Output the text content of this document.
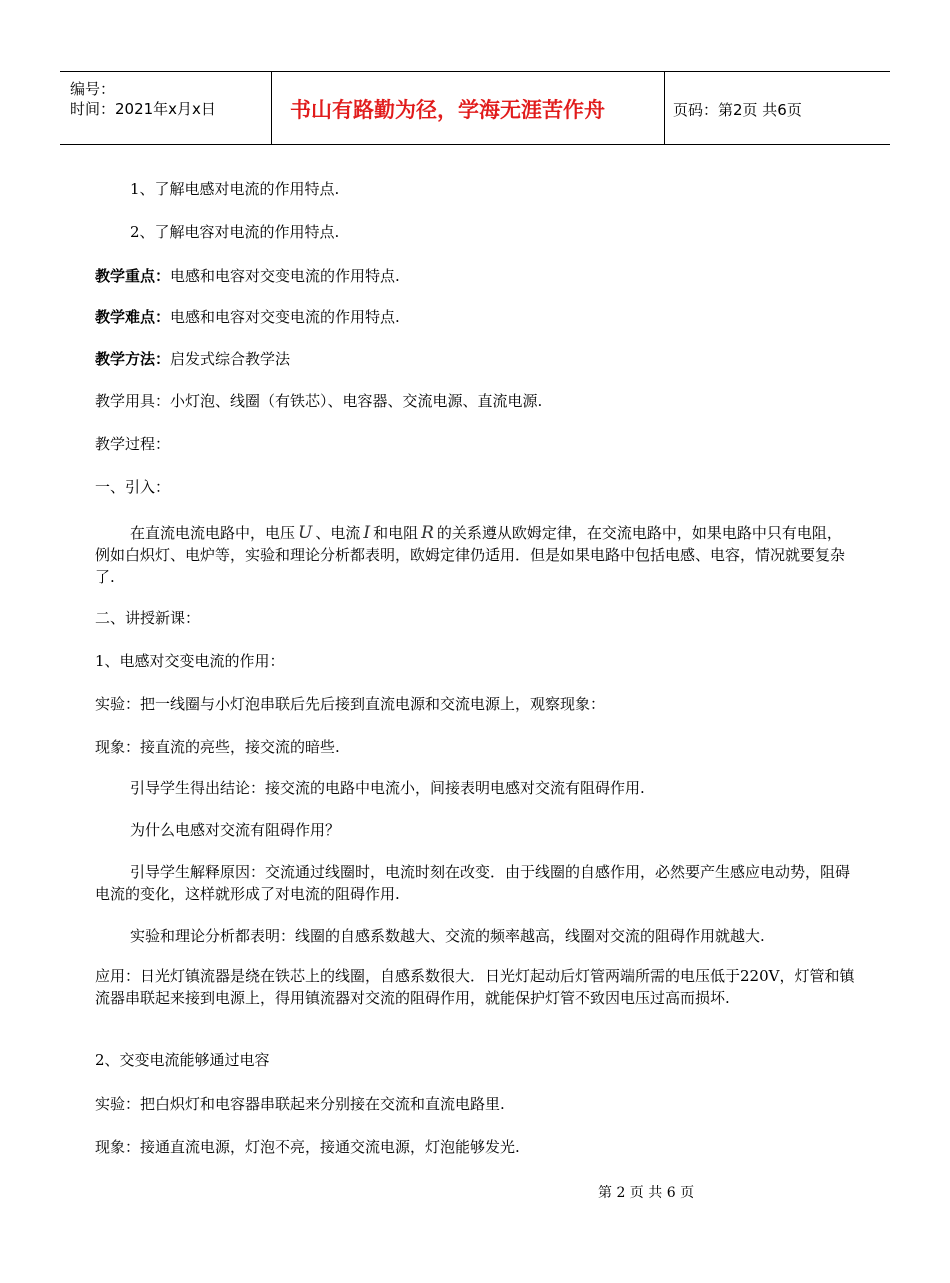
编号：
时间：2021年x月x日	书山有路勤为径，学海无涯苦作舟	页码：第2页 共6页

1、了解电感对电流的作用特点.

2、了解电容对电流的作用特点.

教学重点：电感和电容对交变电流的作用特点.

教学难点：电感和电容对交变电流的作用特点.

教学方法：启发式综合教学法

教学用具：小灯泡、线圈（有铁芯）、电容器、交流电源、直流电源.

教学过程：

一、引入：

在直流电流电路中，电压 U 、电流 I 和电阻 R 的关系遵从欧姆定律，在交流电路中，如果电路中只有电阻，例如白炽灯、电炉等，实验和理论分析都表明，欧姆定律仍适用．但是如果电路中包括电感、电容，情况就要复杂了.

二、讲授新课：

1、电感对交变电流的作用：

实验：把一线圈与小灯泡串联后先后接到直流电源和交流电源上，观察现象：

现象：接直流的亮些，接交流的暗些.

引导学生得出结论：接交流的电路中电流小，间接表明电感对交流有阻碍作用.

为什么电感对交流有阻碍作用？

引导学生解释原因：交流通过线圈时，电流时刻在改变．由于线圈的自感作用，必然要产生感应电动势，阻碍电流的变化，这样就形成了对电流的阻碍作用.

实验和理论分析都表明：线圈的自感系数越大、交流的频率越高，线圈对交流的阻碍作用就越大.

应用：日光灯镇流器是绕在铁芯上的线圈，自感系数很大．日光灯起动后灯管两端所需的电压低于220V，灯管和镇流器串联起来接到电源上，得用镇流器对交流的阻碍作用，就能保护灯管不致因电压过高而损坏.

2、交变电流能够通过电容

实验：把白炽灯和电容器串联起来分别接在交流和直流电路里.

现象：接通直流电源，灯泡不亮，接通交流电源，灯泡能够发光.

第 2 页 共 6 页
